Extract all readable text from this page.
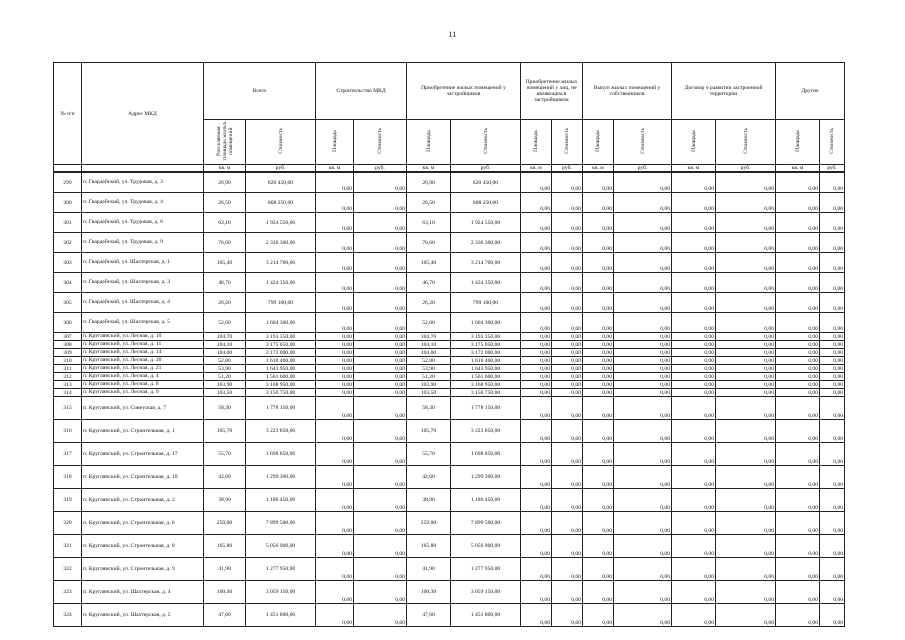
11
№ п/п	Адрес МКД	Всего		Строительство МКД		Приобретение жилых помещений у застройщиков		Приобретение жилых помещений у лиц, не являющихся застройщиком		Выкуп жилых помещений у собственников		Договор о развитии застроенной территории		Другие	
		Расселяемая площадь жилых помещений	Стоимость	Площадь	Стоимость	Площадь	Стоимость	Площадь	Стоимость	Площадь	Стоимость	Площадь	Стоимость	Площадь	Стоимость
		кв. м	руб.	кв. м	руб.	кв. м	руб.	кв. м	руб.	кв. м	руб.	кв. м	руб.	кв. м	руб.
299	п. Гвардейский, ул. Трудовая, д. 3	26,90	820 450,00	0,00	0,00	26,90	820 450,00	0,00	0,00	0,00	0,00	0,00	0,00	0,00	0,00
300	п. Гвардейский, ул. Трудовая, д. 4	26,50	808 250,00	0,00	0,00	26,50	808 250,00	0,00	0,00	0,00	0,00	0,00	0,00	0,00	0,00
301	п. Гвардейский, ул. Трудовая, д. 6	63,10	1 924 550,00	0,00	0,00	63,10	1 924 550,00	0,00	0,00	0,00	0,00	0,00	0,00	0,00	0,00
302	п. Гвардейский, ул. Трудовая, д. 9	76,60	2 336 300,00	0,00	0,00	76,60	2 336 300,00	0,00	0,00	0,00	0,00	0,00	0,00	0,00	0,00
303	п. Гвардейский, ул. Шахтерская, д. 1	105,40	3 214 700,00	0,00	0,00	105,40	3 214 700,00	0,00	0,00	0,00	0,00	0,00	0,00	0,00	0,00
304	п. Гвардейский, ул. Шахтерская, д. 3	46,70	1 424 350,00	0,00	0,00	46,70	1 424 350,00	0,00	0,00	0,00	0,00	0,00	0,00	0,00	0,00
305	п. Гвардейский, ул. Шахтерская, д. 4	26,20	799 100,00	0,00	0,00	26,20	799 100,00	0,00	0,00	0,00	0,00	0,00	0,00	0,00	0,00
306	п. Гвардейский, ул. Шахтерская, д. 5	52,60	1 604 300,00	0,00	0,00	52,60	1 604 300,00	0,00	0,00	0,00	0,00	0,00	0,00	0,00	0,00
307	п. Круглянский, ул. Лесная, д. 10	104,70	3 193 350,00	0,00	0,00	104,70	3 193 350,00	0,00	0,00	0,00	0,00	0,00	0,00	0,00	0,00
308	п. Круглянский, ул. Лесная, д. 11	104,10	3 175 050,00	0,00	0,00	104,10	3 175 050,00	0,00	0,00	0,00	0,00	0,00	0,00	0,00	0,00
309	п. Круглянский, ул. Лесная, д. 14	104,00	3 172 000,00	0,00	0,00	104,00	3 172 000,00	0,00	0,00	0,00	0,00	0,00	0,00	0,00	0,00
310	п. Круглянский, ул. Лесная, д. 20	52,80	1 610 400,00	0,00	0,00	52,80	1 610 400,00	0,00	0,00	0,00	0,00	0,00	0,00	0,00	0,00
311	п. Круглянский, ул. Лесная, д. 21	53,90	1 643 950,00	0,00	0,00	53,90	1 643 950,00	0,00	0,00	0,00	0,00	0,00	0,00	0,00	0,00
312	п. Круглянский, ул. Лесная, д. 4	51,20	1 561 600,00	0,00	0,00	51,20	1 561 600,00	0,00	0,00	0,00	0,00	0,00	0,00	0,00	0,00
313	п. Круглянский, ул. Лесная, д. 8	103,90	3 168 950,00	0,00	0,00	103,90	3 168 950,00	0,00	0,00	0,00	0,00	0,00	0,00	0,00	0,00
314	п. Круглянский, ул. Лесная, д. 9	103,50	3 156 750,00	0,00	0,00	103,50	3 156 750,00	0,00	0,00	0,00	0,00	0,00	0,00	0,00	0,00
315	п. Круглянский, ул. Советская, д. 7	58,30	1 778 150,00	0,00	0,00	58,30	1 778 150,00	0,00	0,00	0,00	0,00	0,00	0,00	0,00	0,00
316	п. Круглянский, ул. Строительная, д. 1	105,70	3 223 850,00	0,00	0,00	105,70	3 223 850,00	0,00	0,00	0,00	0,00	0,00	0,00	0,00	0,00
317	п. Круглянский, ул. Строительная, д. 17	55,70	1 698 850,00	0,00	0,00	55,70	1 698 850,00	0,00	0,00	0,00	0,00	0,00	0,00	0,00	0,00
318	п. Круглянский, ул. Строительная, д. 18	42,60	1 299 300,00	0,00	0,00	42,60	1 299 300,00	0,00	0,00	0,00	0,00	0,00	0,00	0,00	0,00
319	п. Круглянский, ул. Строительная, д. 2	38,90	1 186 450,00	0,00	0,00	38,90	1 186 450,00	0,00	0,00	0,00	0,00	0,00	0,00	0,00	0,00
320	п. Круглянский, ул. Строительная, д. 6	259,00	7 899 500,00	0,00	0,00	259,00	7 899 500,00	0,00	0,00	0,00	0,00	0,00	0,00	0,00	0,00
321	п. Круглянский, ул. Строительная, д. 8	165,80	5 056 900,00	0,00	0,00	165,80	5 056 900,00	0,00	0,00	0,00	0,00	0,00	0,00	0,00	0,00
322	п. Круглянский, ул. Строительная, д. 9	41,90	1 277 950,00	0,00	0,00	41,90	1 277 950,00	0,00	0,00	0,00	0,00	0,00	0,00	0,00	0,00
323	п. Круглянский, ул. Шахтерская, д. 4	100,30	3 059 150,00	0,00	0,00	100,30	3 059 150,00	0,00	0,00	0,00	0,00	0,00	0,00	0,00	0,00
324	п. Круглянский, ул. Шахтерская, д. 5	47,60	1 451 800,00	0,00	0,00	47,60	1 451 800,00	0,00	0,00	0,00	0,00	0,00	0,00	0,00	0,00
